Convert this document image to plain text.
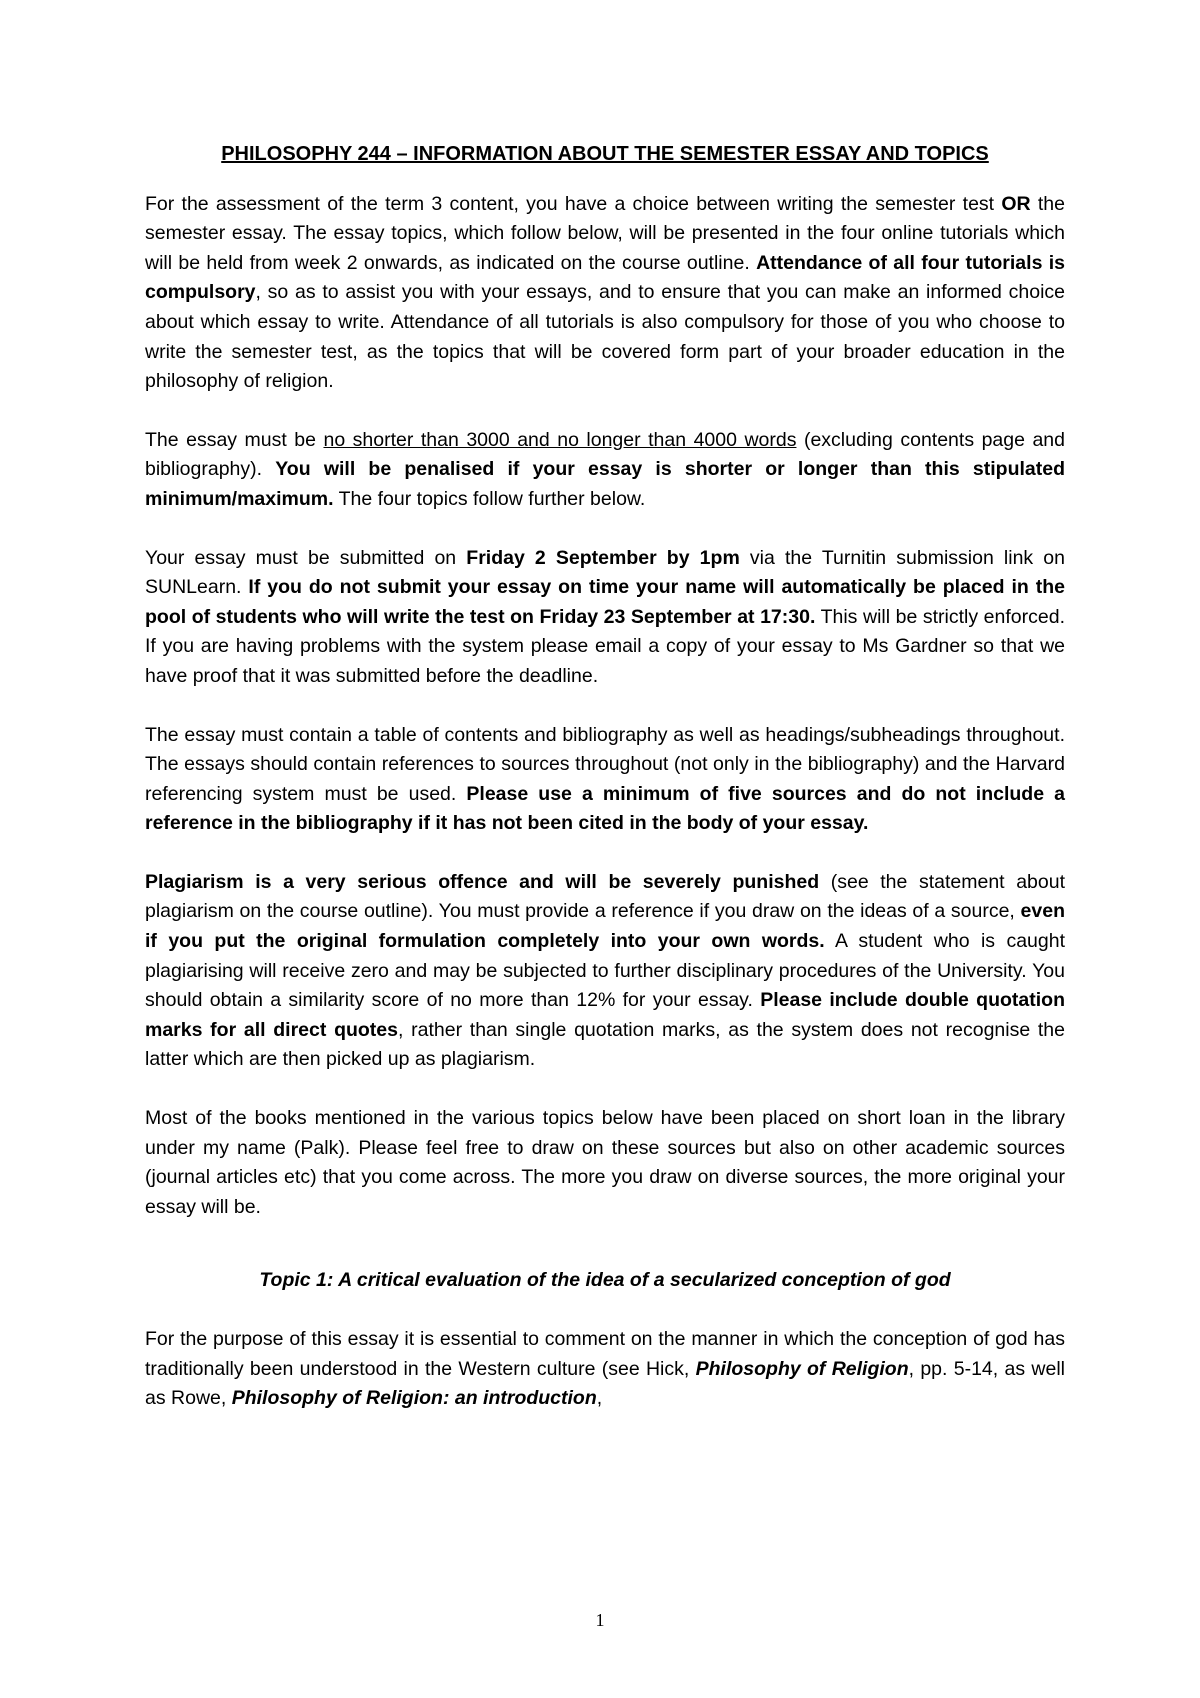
PHILOSOPHY 244 – INFORMATION ABOUT THE SEMESTER ESSAY AND TOPICS

For the assessment of the term 3 content, you have a choice between writing the semester test OR the semester essay. The essay topics, which follow below, will be presented in the four online tutorials which will be held from week 2 onwards, as indicated on the course outline. Attendance of all four tutorials is compulsory, so as to assist you with your essays, and to ensure that you can make an informed choice about which essay to write. Attendance of all tutorials is also compulsory for those of you who choose to write the semester test, as the topics that will be covered form part of your broader education in the philosophy of religion.

The essay must be no shorter than 3000 and no longer than 4000 words (excluding contents page and bibliography). You will be penalised if your essay is shorter or longer than this stipulated minimum/maximum. The four topics follow further below.

Your essay must be submitted on Friday 2 September by 1pm via the Turnitin submission link on SUNLearn. If you do not submit your essay on time your name will automatically be placed in the pool of students who will write the test on Friday 23 September at 17:30. This will be strictly enforced. If you are having problems with the system please email a copy of your essay to Ms Gardner so that we have proof that it was submitted before the deadline.

The essay must contain a table of contents and bibliography as well as headings/subheadings throughout. The essays should contain references to sources throughout (not only in the bibliography) and the Harvard referencing system must be used. Please use a minimum of five sources and do not include a reference in the bibliography if it has not been cited in the body of your essay.

Plagiarism is a very serious offence and will be severely punished (see the statement about plagiarism on the course outline). You must provide a reference if you draw on the ideas of a source, even if you put the original formulation completely into your own words. A student who is caught plagiarising will receive zero and may be subjected to further disciplinary procedures of the University. You should obtain a similarity score of no more than 12% for your essay. Please include double quotation marks for all direct quotes, rather than single quotation marks, as the system does not recognise the latter which are then picked up as plagiarism.

Most of the books mentioned in the various topics below have been placed on short loan in the library under my name (Palk). Please feel free to draw on these sources but also on other academic sources (journal articles etc) that you come across. The more you draw on diverse sources, the more original your essay will be.

Topic 1: A critical evaluation of the idea of a secularized conception of god

For the purpose of this essay it is essential to comment on the manner in which the conception of god has traditionally been understood in the Western culture (see Hick, Philosophy of Religion, pp. 5-14, as well as Rowe, Philosophy of Religion: an introduction,

1
